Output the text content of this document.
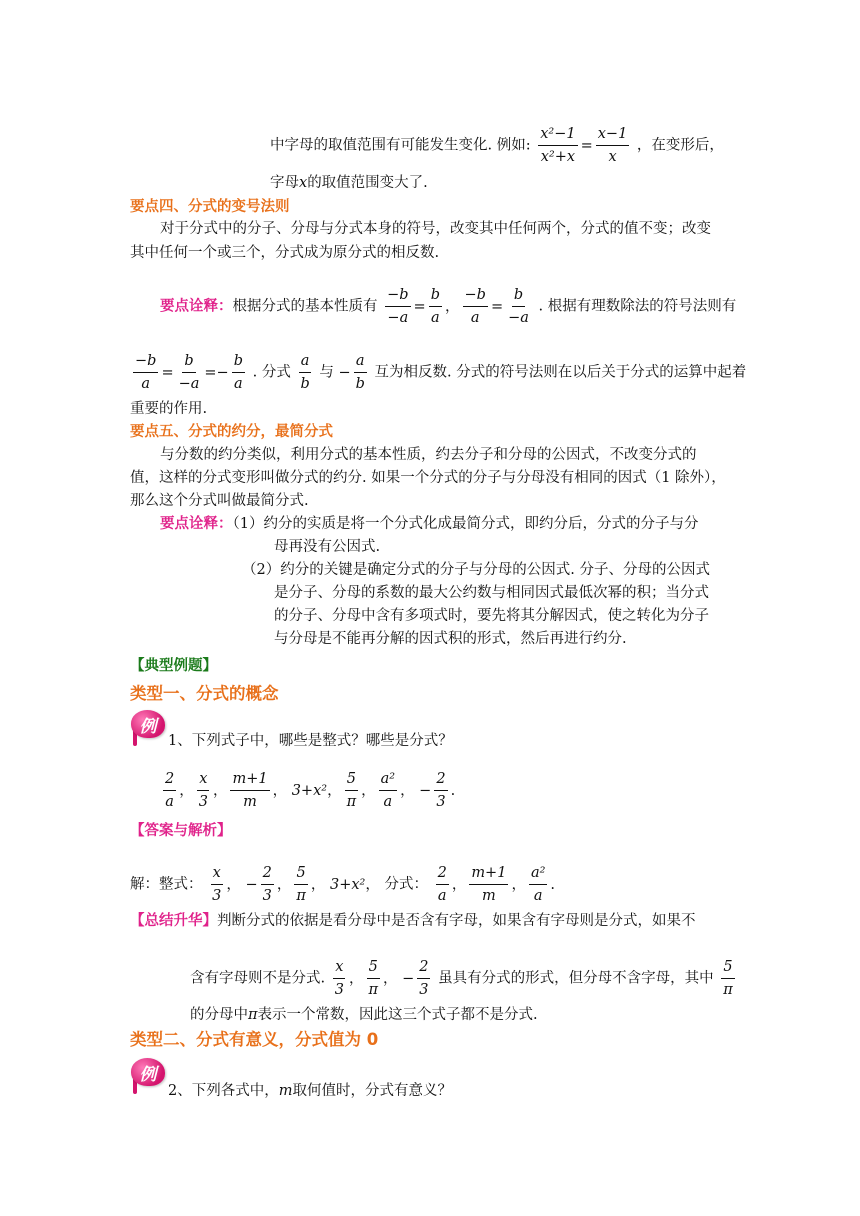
中字母的取值范围有可能发生变化. 例如: $\frac{\text{x²−1}}{\text{x²+x}} = \frac{x-1}{x}$ ，在变形后，
字母x的取值范围变大了.
要点四、分式的变号法则
对于分式中的分子、分母与分式本身的符号，改变其中任何两个，分式的值不变；改变
其中任何一个或三个，分式成为原分式的相反数.
要点诠释：根据分式的基本性质有 $\frac{-b}{-a} = \frac{b}{a}$ ， $\frac{-b}{a} = \frac{b}{-a}$ . 根据有理数除法的符号法则有
$\frac{-b}{a} = \frac{b}{-a} =- \frac{b}{a}$ . 分式 $\frac{a}{b}$ 与 − $\frac{a}{b}$ 互为相反数. 分式的符号法则在以后关于分式的运算中起着
重要的作用.
要点五、分式的约分，最简分式
与分数的约分类似，利用分式的基本性质，约去分子和分母的公因式，不改变分式的
值，这样的分式变形叫做分式的约分. 如果一个分式的分子与分母没有相同的因式（1 除外），
那么这个分式叫做最简分式.
要点诠释：（1）约分的实质是将一个分式化成最简分式，即约分后，分式的分子与分
母再没有公因式.
（2）约分的关键是确定分式的分子与分母的公因式. 分子、分母的公因式
是分子、分母的系数的最大公约数与相同因式最低次幂的积；当分式
的分子、分母中含有多项式时，要先将其分解因式，使之转化为分子
与分母是不能再分解的因式积的形式，然后再进行约分.
【典型例题】
类型一、分式的概念
例
1、下列式子中，哪些是整式？哪些是分式？
$\frac{2}{a}$ ， $\frac{x}{3}$ ， $\frac{m+1}{m}$ ， 3+x² ， $\frac{5}{\pi}$ ， $\frac{\text{a²}}{a}$ ， − $\frac{2}{3}$ .
【答案与解析】
解：整式： $\frac{x}{3}$ ， − $\frac{2}{3}$ ， $\frac{5}{\pi}$ ， 3+x² ， 分式： $\frac{2}{a}$ ， $\frac{m+1}{m}$ ， $\frac{\text{a²}}{a}$ .
【总结升华】判断分式的依据是看分母中是否含有字母，如果含有字母则是分式，如果不
含有字母则不是分式. $\frac{x}{3}$ ， $\frac{5}{\pi}$ ， − $\frac{2}{3}$ 虽具有分式的形式，但分母不含字母，其中 $\frac{5}{\pi}$
的分母中π表示一个常数，因此这三个式子都不是分式.
类型二、分式有意义，分式值为 0
例
2、下列各式中，m取何值时，分式有意义？
